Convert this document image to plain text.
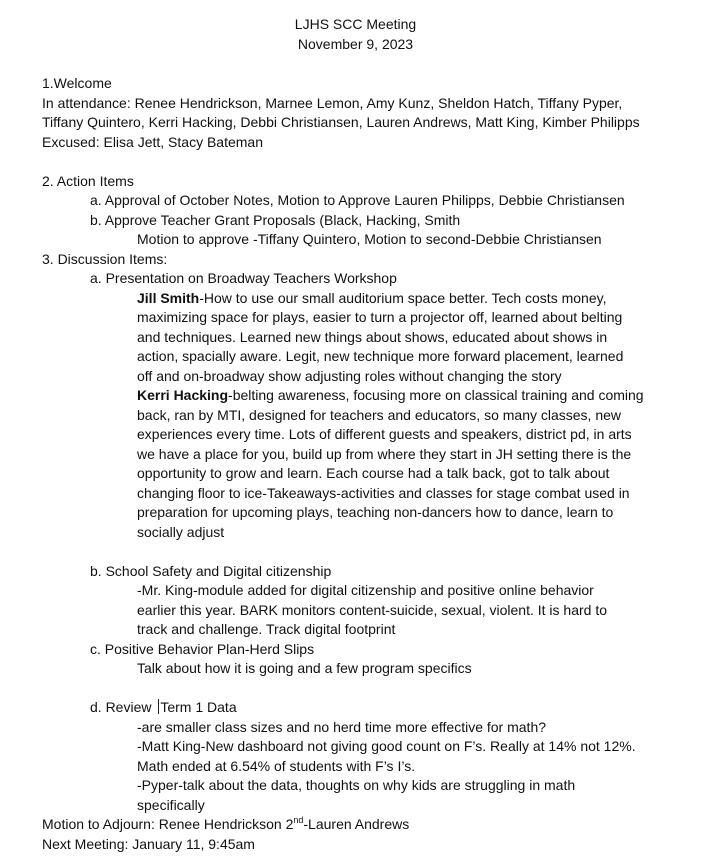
LJHS SCC Meeting
November 9, 2023
1.Welcome
In attendance: Renee Hendrickson, Marnee Lemon, Amy Kunz, Sheldon Hatch, Tiffany Pyper,
Tiffany Quintero, Kerri Hacking, Debbi Christiansen, Lauren Andrews, Matt King, Kimber Philipps
Excused: Elisa Jett, Stacy Bateman
2. Action Items
a. Approval of October Notes, Motion to Approve Lauren Philipps, Debbie Christiansen
b. Approve Teacher Grant Proposals (Black, Hacking, Smith
Motion to approve -Tiffany Quintero, Motion to second-Debbie Christiansen
3. Discussion Items:
a. Presentation on Broadway Teachers Workshop
Jill Smith-How to use our small auditorium space better. Tech costs money,
maximizing space for plays, easier to turn a projector off, learned about belting
and techniques. Learned new things about shows, educated about shows in
action, spacially aware. Legit, new technique more forward placement, learned
off and on-broadway show adjusting roles without changing the story
Kerri Hacking-belting awareness, focusing more on classical training and coming
back, ran by MTI, designed for teachers and educators, so many classes, new
experiences every time. Lots of different guests and speakers, district pd, in arts
we have a place for you, build up from where they start in JH setting there is the
opportunity to grow and learn. Each course had a talk back, got to talk about
changing floor to ice-Takeaways-activities and classes for stage combat used in
preparation for upcoming plays, teaching non-dancers how to dance, learn to
socially adjust
b. School Safety and Digital citizenship
-Mr. King-module added for digital citizenship and positive online behavior
earlier this year. BARK monitors content-suicide, sexual, violent. It is hard to
track and challenge. Track digital footprint
c. Positive Behavior Plan-Herd Slips
Talk about how it is going and a few program specifics
d. Review Term 1 Data
-are smaller class sizes and no herd time more effective for math?
-Matt King-New dashboard not giving good count on F’s. Really at 14% not 12%.
Math ended at 6.54% of students with F’s I’s.
-Pyper-talk about the data, thoughts on why kids are struggling in math
specifically
Motion to Adjourn: Renee Hendrickson 2nd-Lauren Andrews
Next Meeting: January 11, 9:45am
